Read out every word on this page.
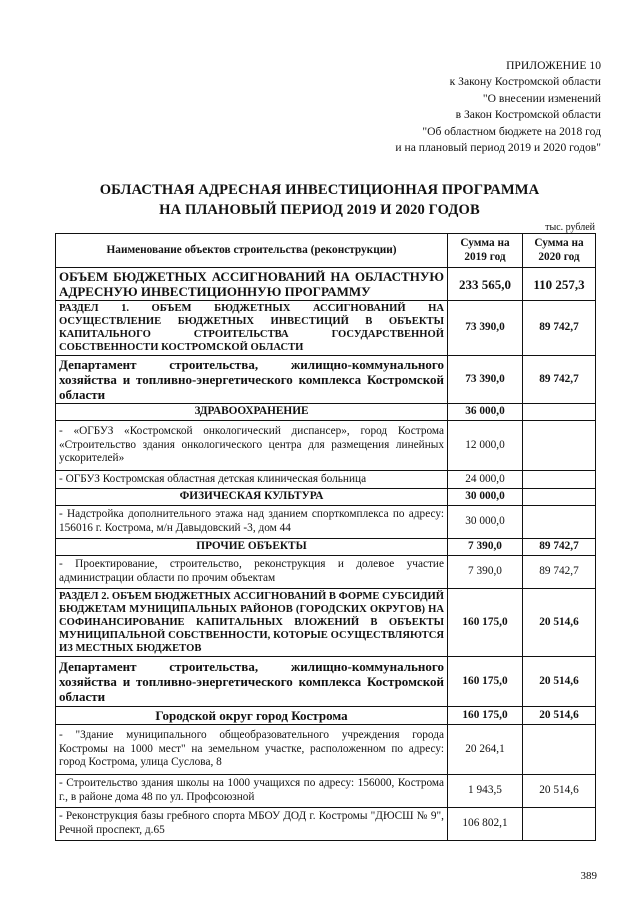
ПРИЛОЖЕНИЕ 10
к Закону Костромской области
"О внесении изменений
в Закон Костромской области
"Об областном бюджете на 2018 год
и на плановый период 2019 и 2020 годов"
ОБЛАСТНАЯ АДРЕСНАЯ ИНВЕСТИЦИОННАЯ ПРОГРАММА
НА ПЛАНОВЫЙ ПЕРИОД 2019 И 2020 ГОДОВ
тыс. рублей
Наименование объектов строительства (реконструкции)	Сумма на 2019 год	Сумма на 2020 год
ОБЪЕМ БЮДЖЕТНЫХ АССИГНОВАНИЙ НА ОБЛАСТНУЮ АДРЕСНУЮ ИНВЕСТИЦИОННУЮ ПРОГРАММУ	233 565,0	110 257,3
РАЗДЕЛ 1. ОБЪЕМ БЮДЖЕТНЫХ АССИГНОВАНИЙ НА ОСУЩЕСТВЛЕНИЕ БЮДЖЕТНЫХ ИНВЕСТИЦИЙ В ОБЪЕКТЫ КАПИТАЛЬНОГО СТРОИТЕЛЬСТВА ГОСУДАРСТВЕННОЙ СОБСТВЕННОСТИ КОСТРОМСКОЙ ОБЛАСТИ	73 390,0	89 742,7
Департамент строительства, жилищно-коммунального хозяйства и топливно-энергетического комплекса Костромской области	73 390,0	89 742,7
ЗДРАВООХРАНЕНИЕ	36 000,0	
- «ОГБУЗ «Костромской онкологический диспансер», город Кострома «Строительство здания онкологического центра для размещения линейных ускорителей»	12 000,0	
- ОГБУЗ Костромская областная детская клиническая больница	24 000,0	
ФИЗИЧЕСКАЯ КУЛЬТУРА	30 000,0	
- Надстройка дополнительного этажа над зданием спорткомплекса по адресу: 156016 г. Кострома, м/н Давыдовский -3, дом 44	30 000,0	
ПРОЧИЕ ОБЪЕКТЫ	7 390,0	89 742,7
- Проектирование, строительство, реконструкция и долевое участие администрации области по прочим объектам	7 390,0	89 742,7
РАЗДЕЛ 2. ОБЪЕМ БЮДЖЕТНЫХ АССИГНОВАНИЙ В ФОРМЕ СУБСИДИЙ БЮДЖЕТАМ МУНИЦИПАЛЬНЫХ РАЙОНОВ (ГОРОДСКИХ ОКРУГОВ) НА СОФИНАНСИРОВАНИЕ КАПИТАЛЬНЫХ ВЛОЖЕНИЙ В ОБЪЕКТЫ МУНИЦИПАЛЬНОЙ СОБСТВЕННОСТИ, КОТОРЫЕ ОСУЩЕСТВЛЯЮТСЯ ИЗ МЕСТНЫХ БЮДЖЕТОВ	160 175,0	20 514,6
Департамент строительства, жилищно-коммунального хозяйства и топливно-энергетического комплекса Костромской области	160 175,0	20 514,6
Городской округ город Кострома	160 175,0	20 514,6
- "Здание муниципального общеобразовательного учреждения города Костромы на 1000 мест" на земельном участке, расположенном по адресу: город Кострома, улица Суслова, 8	20 264,1	
- Строительство здания школы на 1000 учащихся по адресу: 156000, Кострома г., в районе дома 48 по ул. Профсоюзной	1 943,5	20 514,6
- Реконструкция базы гребного спорта МБОУ ДОД г. Костромы "ДЮСШ № 9", Речной проспект, д.65	106 802,1	
389
